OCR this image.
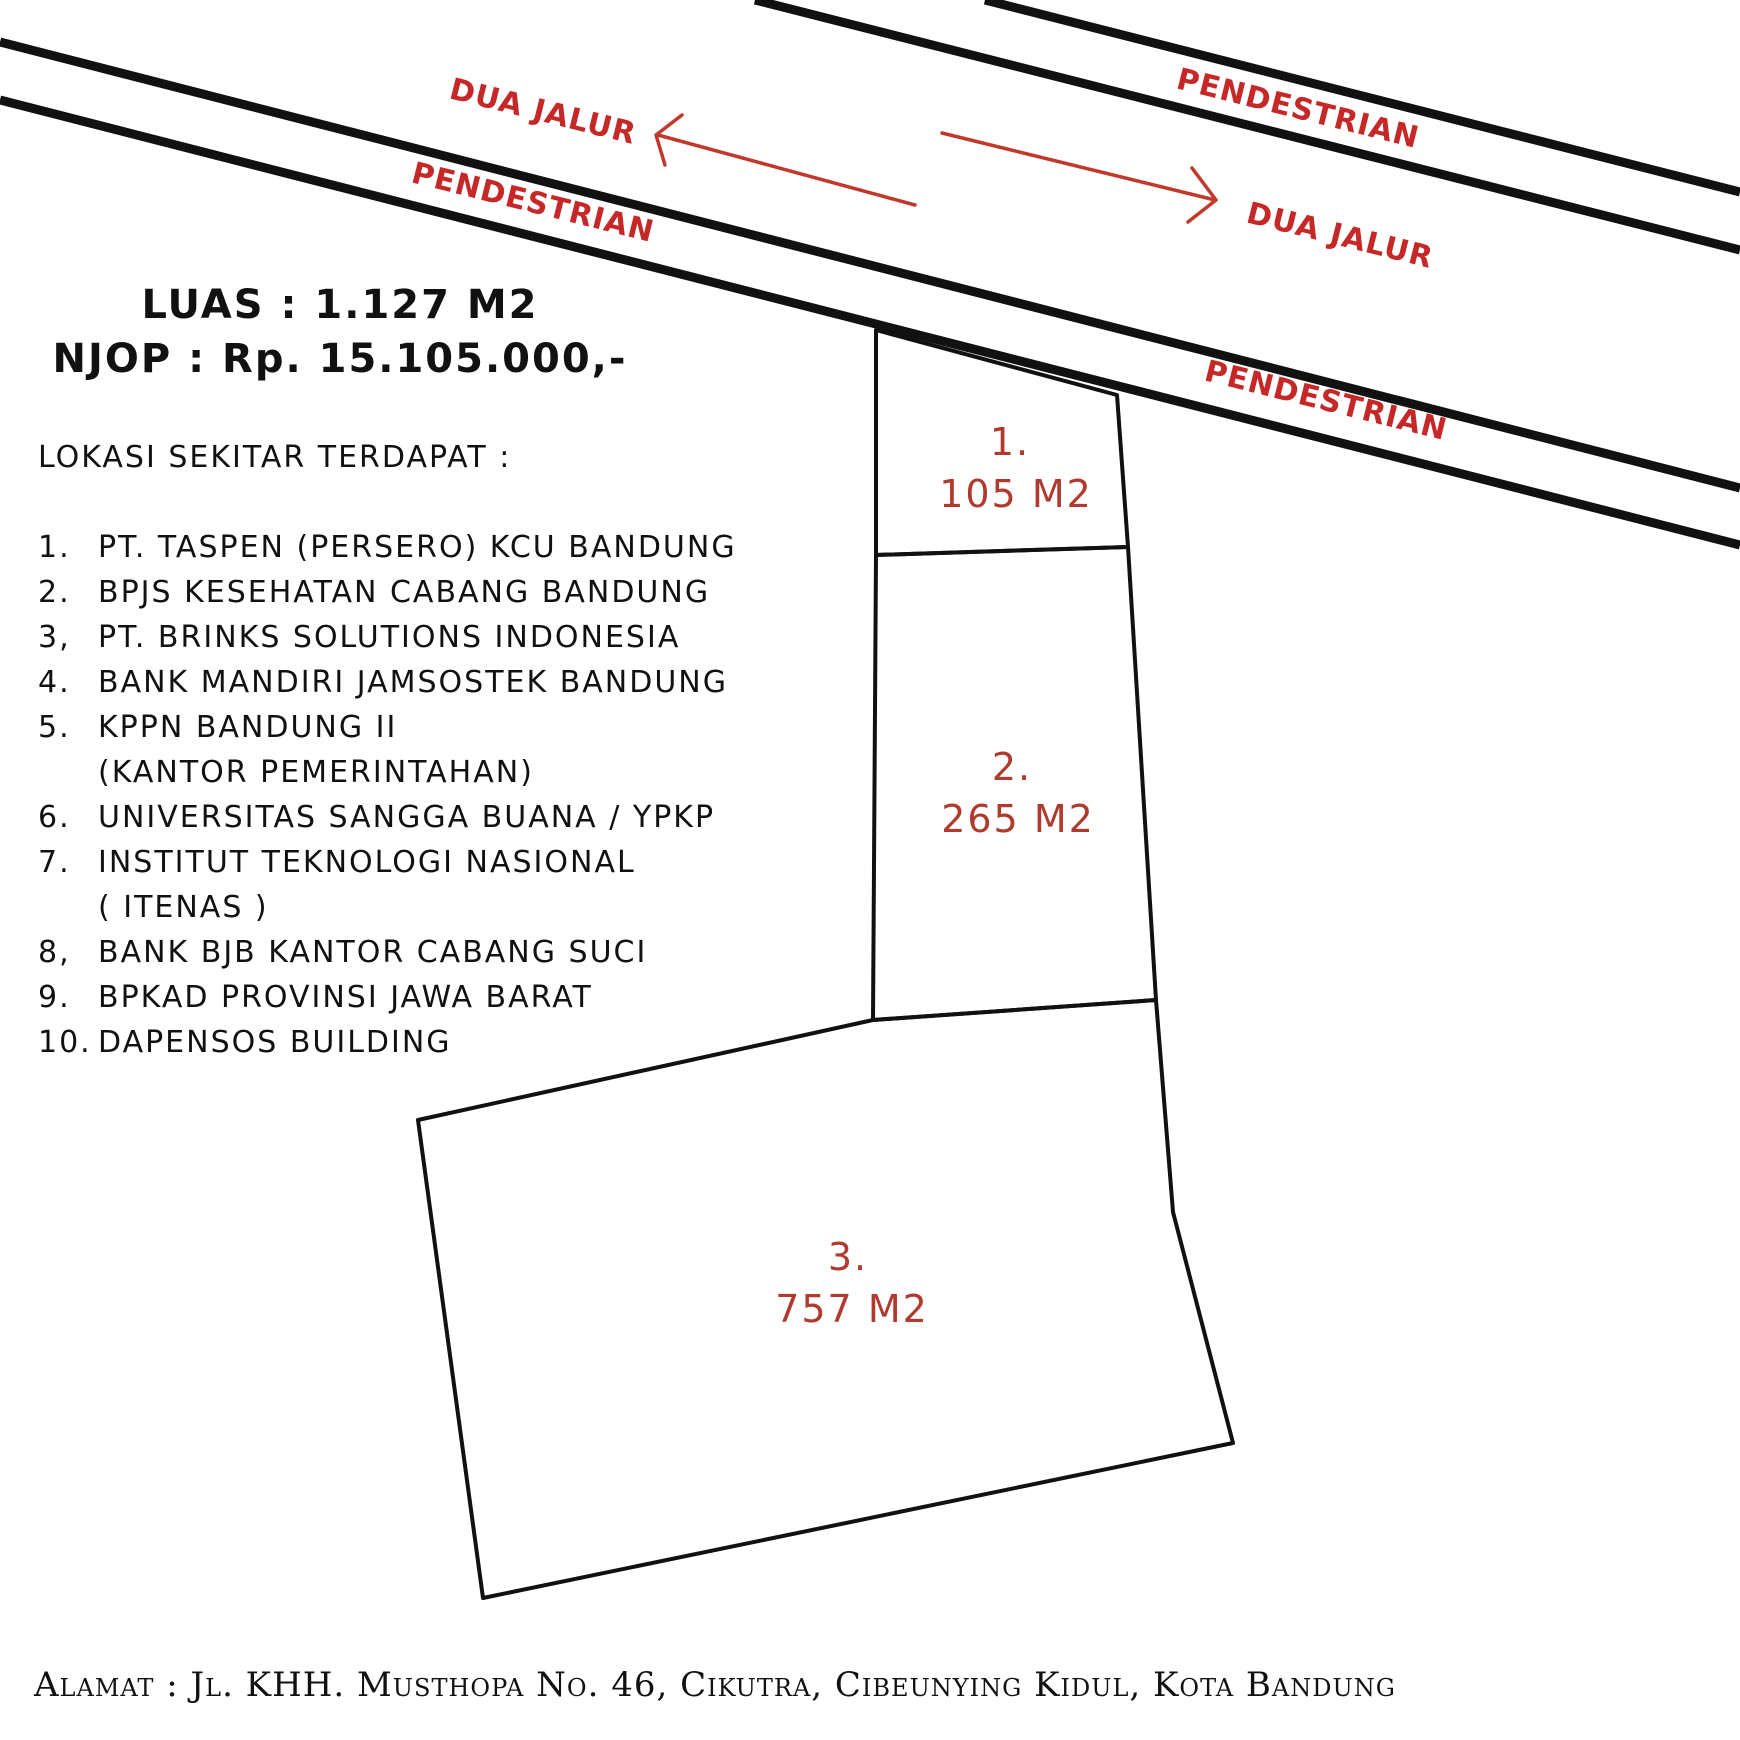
DUA JALUR
DUA JALUR
PENDESTRIAN
PENDESTRIAN
PENDESTRIAN
1.
105 M2
2.
265 M2
3.
757 M2
LUAS : 1.127 M2
NJOP : Rp. 15.105.000,-
LOKASI SEKITAR TERDAPAT :
1. PT. TASPEN (PERSERO) KCU BANDUNG
2. BPJS KESEHATAN CABANG BANDUNG
3, PT. BRINKS SOLUTIONS INDONESIA
4. BANK MANDIRI JAMSOSTEK BANDUNG
5. KPPN BANDUNG II
(KANTOR PEMERINTAHAN)
6. UNIVERSITAS SANGGA BUANA / YPKP
7. INSTITUT TEKNOLOGI NASIONAL
( ITENAS )
8, BANK BJB KANTOR CABANG SUCI
9. BPKAD PROVINSI JAWA BARAT
10. DAPENSOS BUILDING
Alamat : Jl. KHH. Musthopa No. 46, Cikutra, Cibeunying Kidul, Kota Bandung
